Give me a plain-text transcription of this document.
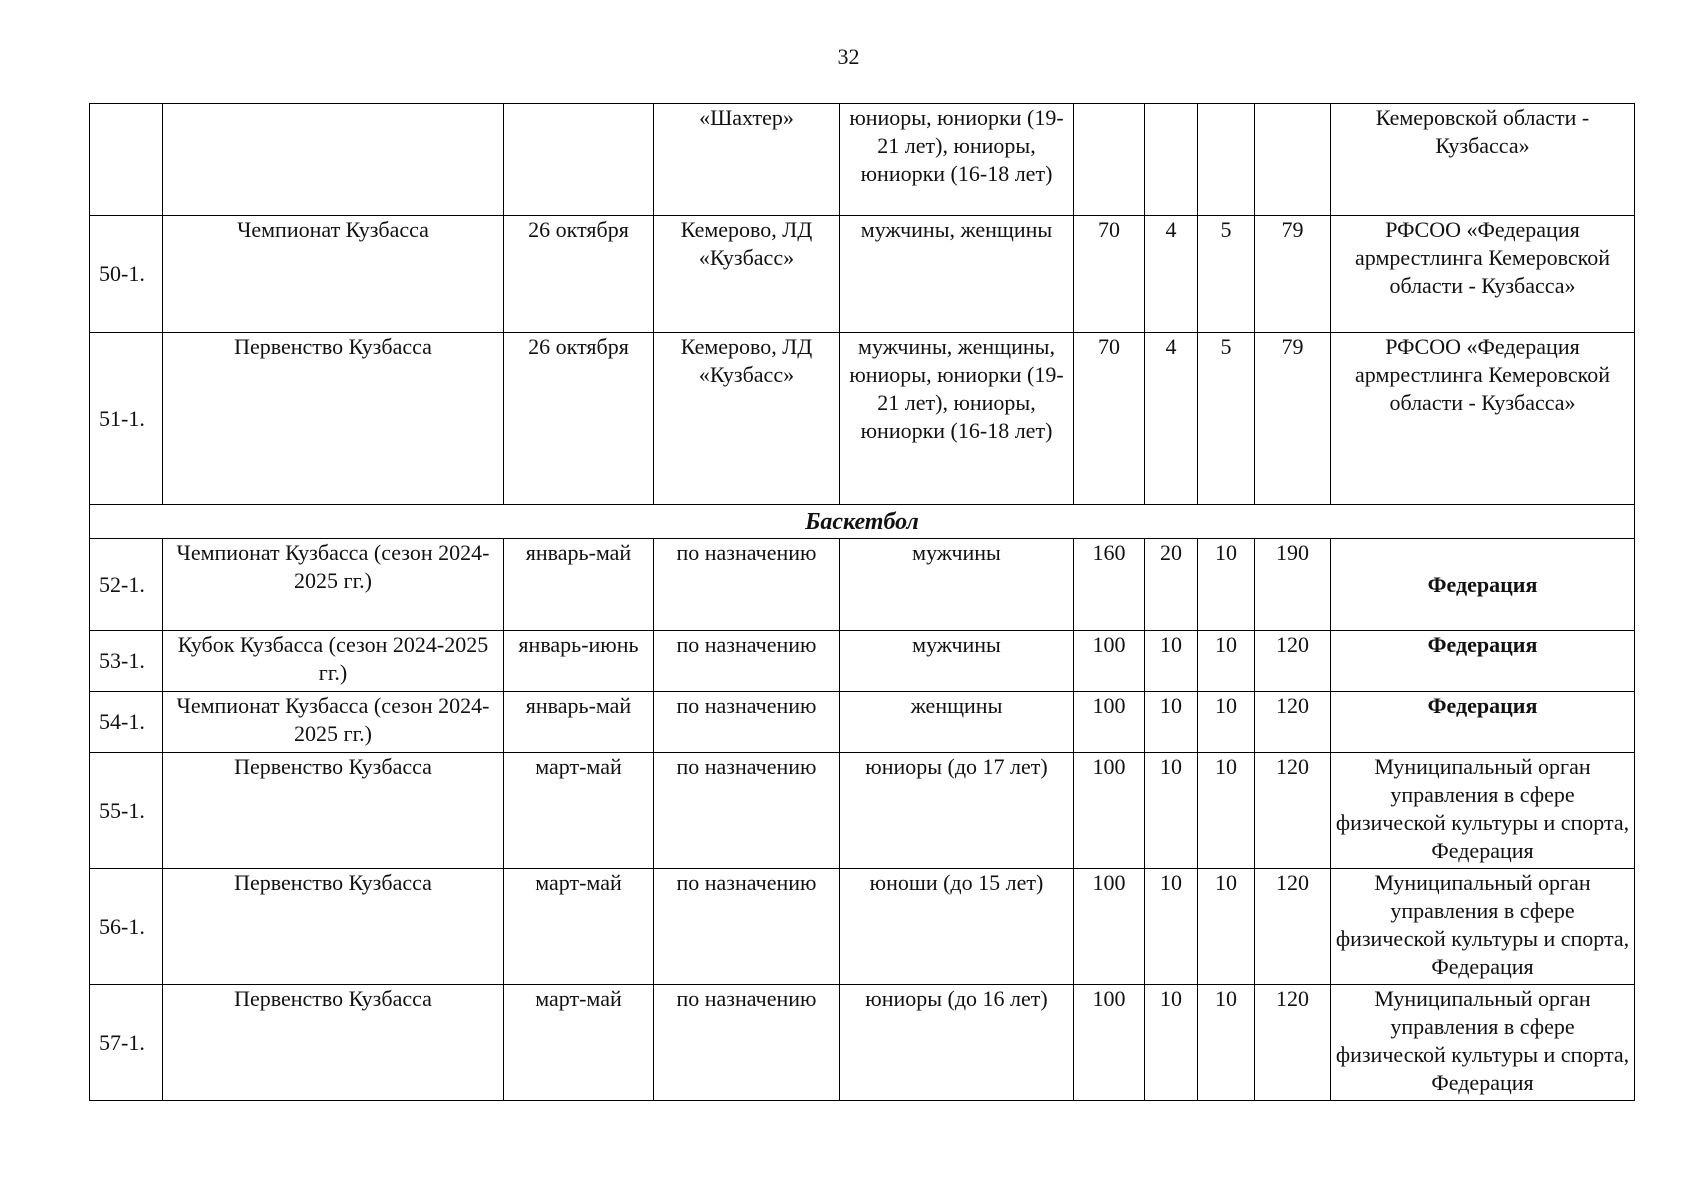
32
			«Шахтер»	юниоры, юниорки (19-21 лет), юниоры, юниорки (16-18 лет)					Кемеровской области - Кузбасса»
50-1.	Чемпионат Кузбасса	26 октября	Кемерово, ЛД «Кузбасс»	мужчины, женщины	70	4	5	79	РФСОО «Федерация армрестлинга Кемеровской области - Кузбасса»
51-1.	Первенство Кузбасса	26 октября	Кемерово, ЛД «Кузбасс»	мужчины, женщины, юниоры, юниорки (19-21 лет), юниоры, юниорки (16-18 лет)	70	4	5	79	РФСОО «Федерация армрестлинга Кемеровской области - Кузбасса»
Баскетбол									
52-1.	Чемпионат Кузбасса (сезон 2024-2025 гг.)	январь-май	по назначению	мужчины	160	20	10	190	Федерация
53-1.	Кубок Кузбасса (сезон 2024-2025 гг.)	январь-июнь	по назначению	мужчины	100	10	10	120	Федерация
54-1.	Чемпионат Кузбасса (сезон 2024-2025 гг.)	январь-май	по назначению	женщины	100	10	10	120	Федерация
55-1.	Первенство Кузбасса	март-май	по назначению	юниоры (до 17 лет)	100	10	10	120	Муниципальный орган управления в сфере физической культуры и спорта, Федерация
56-1.	Первенство Кузбасса	март-май	по назначению	юноши (до 15 лет)	100	10	10	120	Муниципальный орган управления в сфере физической культуры и спорта, Федерация
57-1.	Первенство Кузбасса	март-май	по назначению	юниоры (до 16 лет)	100	10	10	120	Муниципальный орган управления в сфере физической культуры и спорта, Федерация
